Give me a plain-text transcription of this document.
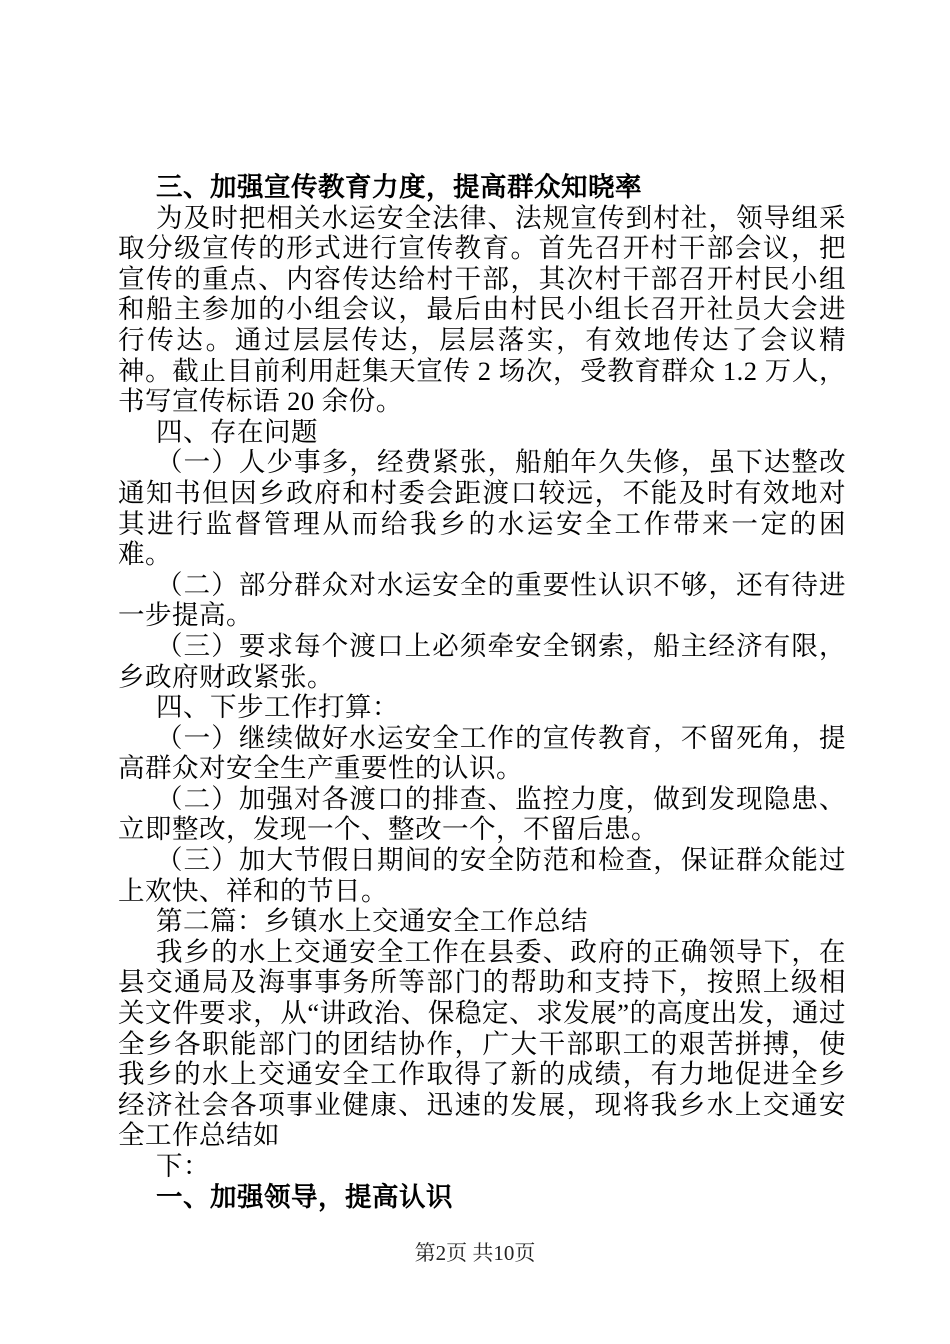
三、加强宣传教育力度，提高群众知晓率

为及时把相关水运安全法律、法规宣传到村社，领导组采取分级宣传的形式进行宣传教育。首先召开村干部会议，把宣传的重点、内容传达给村干部，其次村干部召开村民小组和船主参加的小组会议，最后由村民小组长召开社员大会进行传达。通过层层传达，层层落实，有效地传达了会议精神。截止目前利用赶集天宣传 2 场次，受教育群众 1.2 万人，书写宣传标语 20 余份。

四、存在问题

（一）人少事多，经费紧张，船舶年久失修，虽下达整改通知书但因乡政府和村委会距渡口较远，不能及时有效地对其进行监督管理从而给我乡的水运安全工作带来一定的困难。

（二）部分群众对水运安全的重要性认识不够，还有待进一步提高。

（三）要求每个渡口上必须牵安全钢索，船主经济有限，乡政府财政紧张。

四、下步工作打算：

（一）继续做好水运安全工作的宣传教育，不留死角，提高群众对安全生产重要性的认识。

（二）加强对各渡口的排查、监控力度，做到发现隐患、立即整改，发现一个、整改一个，不留后患。

（三）加大节假日期间的安全防范和检查，保证群众能过上欢快、祥和的节日。

第二篇：乡镇水上交通安全工作总结

我乡的水上交通安全工作在县委、政府的正确领导下，在县交通局及海事事务所等部门的帮助和支持下，按照上级相关文件要求，从“讲政治、保稳定、求发展”的高度出发，通过全乡各职能部门的团结协作，广大干部职工的艰苦拼搏，使我乡的水上交通安全工作取得了新的成绩，有力地促进全乡经济社会各项事业健康、迅速的发展，现将我乡水上交通安全工作总结如

下：

一、加强领导，提高认识

第2页 共10页
